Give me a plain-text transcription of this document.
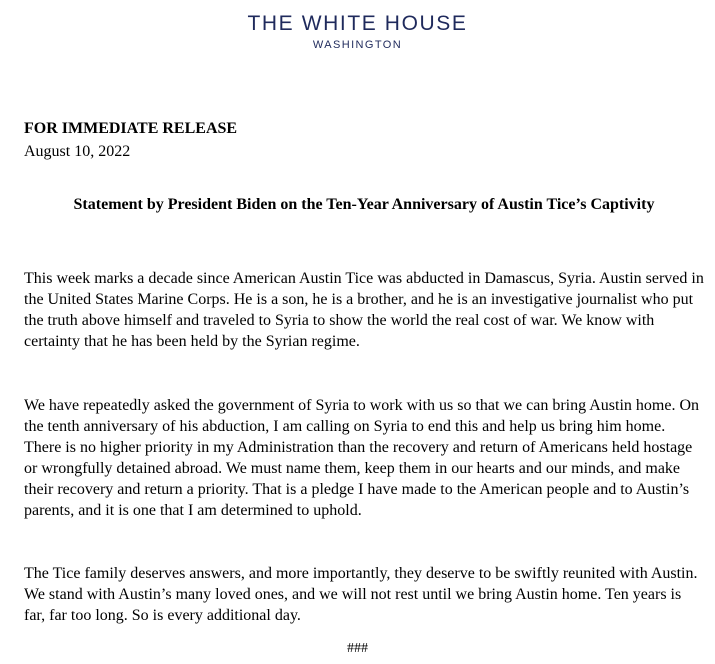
THE WHITE HOUSE
WASHINGTON
FOR IMMEDIATE RELEASE
August 10, 2022
Statement by President Biden on the Ten-Year Anniversary of Austin Tice’s Captivity
This week marks a decade since American Austin Tice was abducted in Damascus, Syria. Austin served in the United States Marine Corps. He is a son, he is a brother, and he is an investigative journalist who put the truth above himself and traveled to Syria to show the world the real cost of war. We know with certainty that he has been held by the Syrian regime.
We have repeatedly asked the government of Syria to work with us so that we can bring Austin home. On the tenth anniversary of his abduction, I am calling on Syria to end this and help us bring him home. There is no higher priority in my Administration than the recovery and return of Americans held hostage or wrongfully detained abroad. We must name them, keep them in our hearts and our minds, and make their recovery and return a priority. That is a pledge I have made to the American people and to Austin’s parents, and it is one that I am determined to uphold.
The Tice family deserves answers, and more importantly, they deserve to be swiftly reunited with Austin. We stand with Austin’s many loved ones, and we will not rest until we bring Austin home. Ten years is far, far too long. So is every additional day.
###
